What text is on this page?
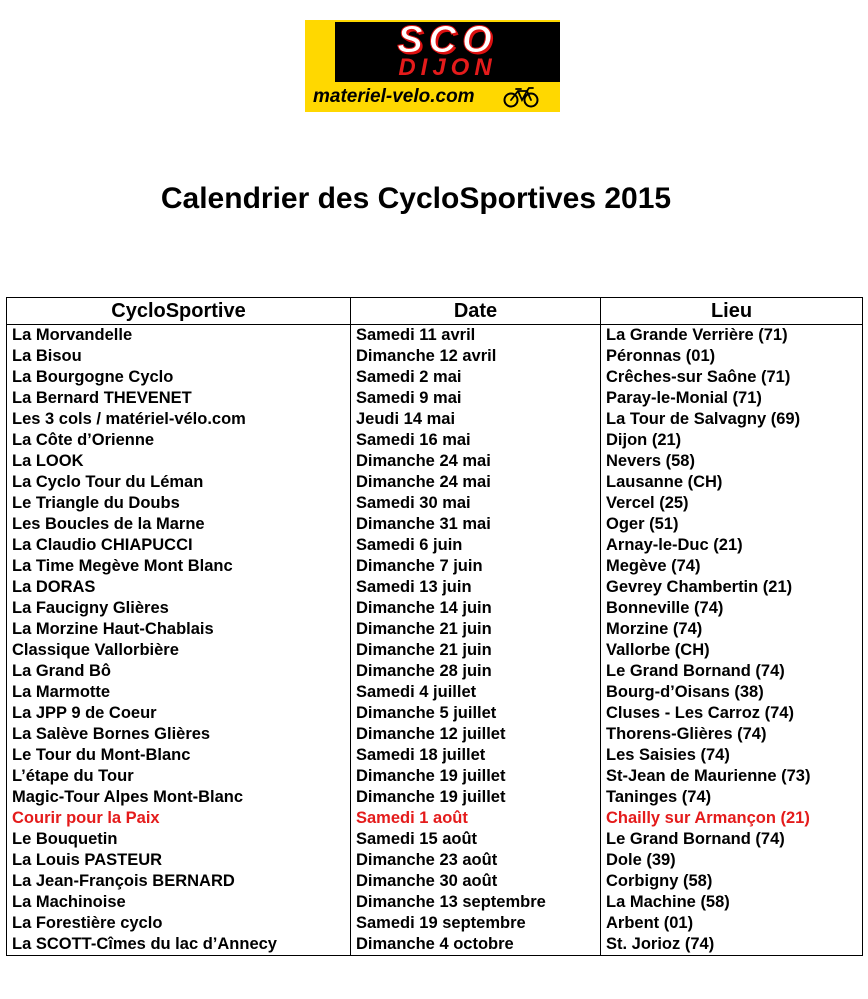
SCO
DIJON
materiel-velo.com
Calendrier des CycloSportives 2015
CycloSportive	Date	Lieu
La Morvandelle	Samedi 11 avril	La Grande Verrière (71)
La Bisou	Dimanche 12 avril	Péronnas (01)
La Bourgogne Cyclo	Samedi 2 mai	Crêches-sur Saône (71)
La Bernard THEVENET	Samedi 9 mai	Paray-le-Monial (71)
Les 3 cols / matériel-vélo.com	Jeudi 14 mai	La Tour de Salvagny (69)
La Côte d’Orienne	Samedi 16 mai	Dijon (21)
La LOOK	Dimanche 24 mai	Nevers (58)
La Cyclo Tour du Léman	Dimanche 24 mai	Lausanne (CH)
Le Triangle du Doubs	Samedi 30 mai	Vercel (25)
Les Boucles de la Marne	Dimanche 31 mai	Oger (51)
La Claudio CHIAPUCCI	Samedi 6 juin	Arnay-le-Duc (21)
La Time Megève Mont Blanc	Dimanche 7 juin	Megève (74)
La DORAS	Samedi 13 juin	Gevrey Chambertin (21)
La Faucigny Glières	Dimanche 14 juin	Bonneville (74)
La Morzine Haut-Chablais	Dimanche 21 juin	Morzine (74)
Classique Vallorbière	Dimanche 21 juin	Vallorbe (CH)
La Grand Bô	Dimanche 28 juin	Le Grand Bornand (74)
La Marmotte	Samedi 4 juillet	Bourg-d’Oisans (38)
La JPP 9 de Coeur	Dimanche 5 juillet	Cluses - Les Carroz (74)
La Salève Bornes Glières	Dimanche 12 juillet	Thorens-Glières (74)
Le Tour du Mont-Blanc	Samedi 18 juillet	Les Saisies (74)
L’étape du Tour	Dimanche 19 juillet	St-Jean de Maurienne (73)
Magic-Tour Alpes Mont-Blanc	Dimanche 19 juillet	Taninges (74)
Courir pour la Paix	Samedi 1 août	Chailly sur Armançon (21)
Le Bouquetin	Samedi 15 août	Le Grand Bornand (74)
La Louis PASTEUR	Dimanche 23 août	Dole (39)
La Jean-François BERNARD	Dimanche 30 août	Corbigny (58)
La Machinoise	Dimanche 13 septembre	La Machine (58)
La Forestière cyclo	Samedi 19 septembre	Arbent (01)
La SCOTT-Cîmes du lac d’Annecy	Dimanche 4 octobre	St. Jorioz (74)
